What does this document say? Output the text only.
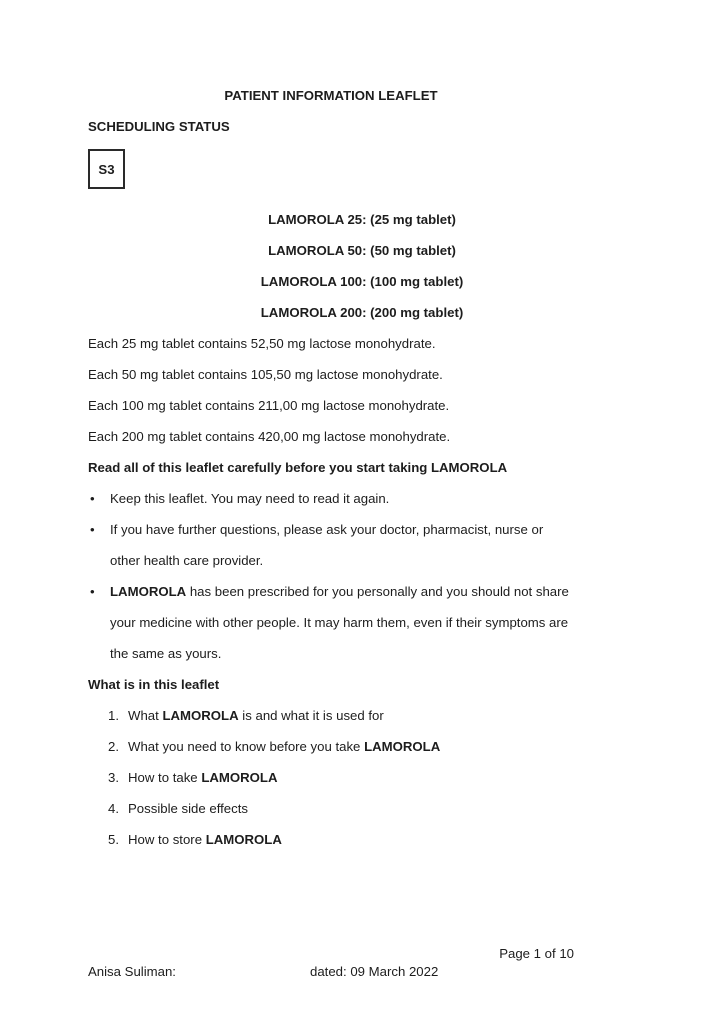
PATIENT INFORMATION LEAFLET

SCHEDULING STATUS

S3

LAMOROLA 25: (25 mg tablet)

LAMOROLA 50: (50 mg tablet)

LAMOROLA 100: (100 mg tablet)

LAMOROLA 200: (200 mg tablet)

Each 25 mg tablet contains 52,50 mg lactose monohydrate.

Each 50 mg tablet contains 105,50 mg lactose monohydrate.

Each 100 mg tablet contains 211,00 mg lactose monohydrate.

Each 200 mg tablet contains 420,00 mg lactose monohydrate.

Read all of this leaflet carefully before you start taking LAMOROLA

•	Keep this leaflet. You may need to read it again.
•	If you have further questions, please ask your doctor, pharmacist, nurse or other health care provider.
•	LAMOROLA has been prescribed for you personally and you should not share your medicine with other people. It may harm them, even if their symptoms are the same as yours.

What is in this leaflet

1. What LAMOROLA is and what it is used for
2. What you need to know before you take LAMOROLA
3. How to take LAMOROLA
4. Possible side effects
5. How to store LAMOROLA
Page 1 of 10
Anisa Suliman:	dated: 09 March 2022
